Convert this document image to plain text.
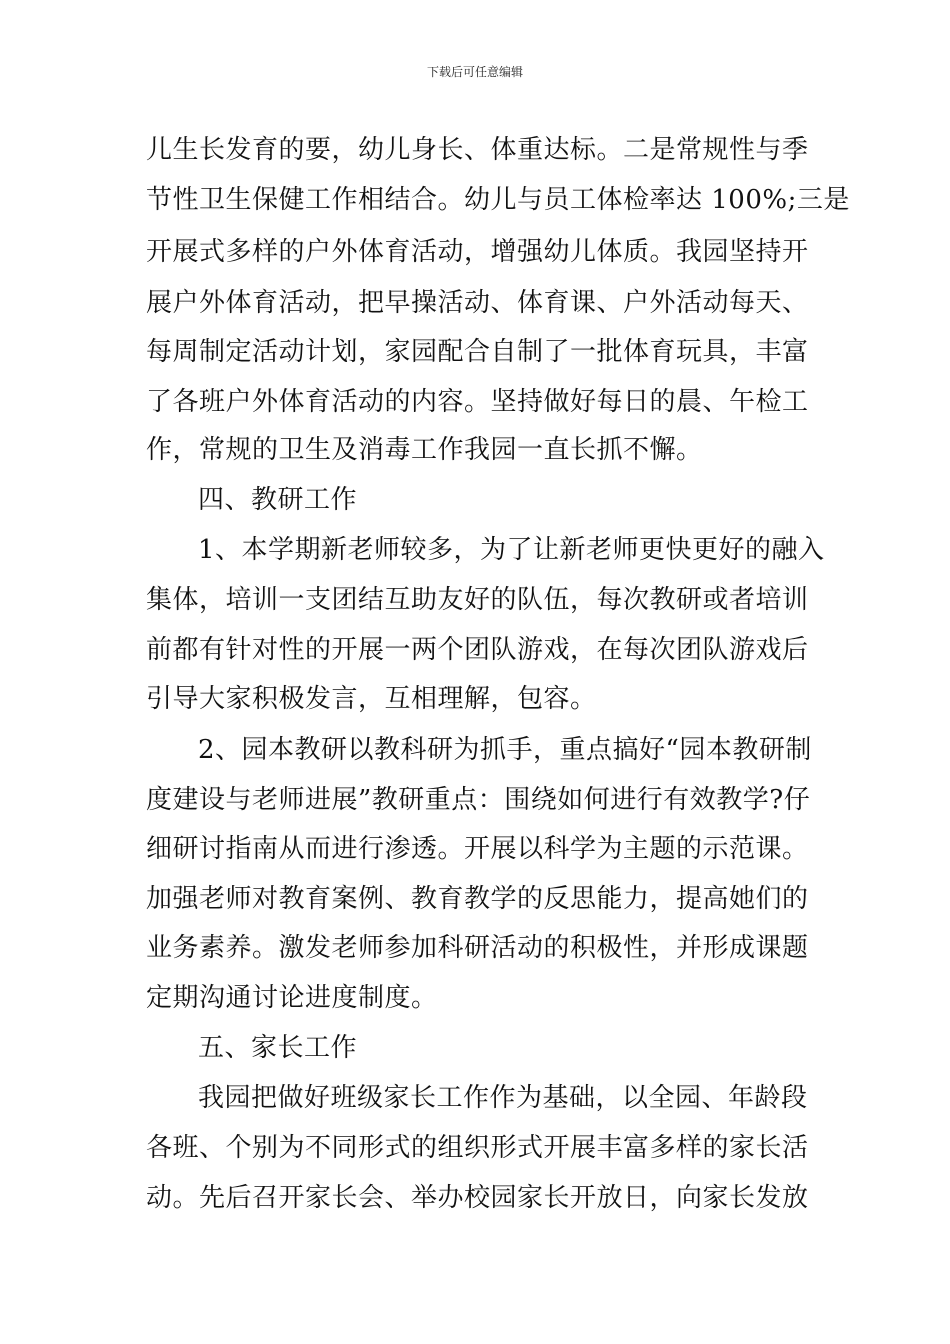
下载后可任意编辑
儿生长发育的要，幼儿身长、体重达标。二是常规性与季
节性卫生保健工作相结合。幼儿与员工体检率达 100%;三是
开展式多样的户外体育活动，增强幼儿体质。我园坚持开
展户外体育活动，把早操活动、体育课、户外活动每天、
每周制定活动计划，家园配合自制了一批体育玩具，丰富
了各班户外体育活动的内容。坚持做好每日的晨、午检工
作，常规的卫生及消毒工作我园一直长抓不懈。
四、教研工作
1、本学期新老师较多，为了让新老师更快更好的融入
集体，培训一支团结互助友好的队伍，每次教研或者培训
前都有针对性的开展一两个团队游戏，在每次团队游戏后
引导大家积极发言，互相理解，包容。
2、园本教研以教科研为抓手，重点搞好“园本教研制
度建设与老师进展”教研重点：围绕如何进行有效教学?仔
细研讨指南从而进行渗透。开展以科学为主题的示范课。
加强老师对教育案例、教育教学的反思能力，提高她们的
业务素养。激发老师参加科研活动的积极性，并形成课题
定期沟通讨论进度制度。
五、家长工作
我园把做好班级家长工作作为基础，以全园、年龄段
各班、个别为不同形式的组织形式开展丰富多样的家长活
动。先后召开家长会、举办校园家长开放日，向家长发放
